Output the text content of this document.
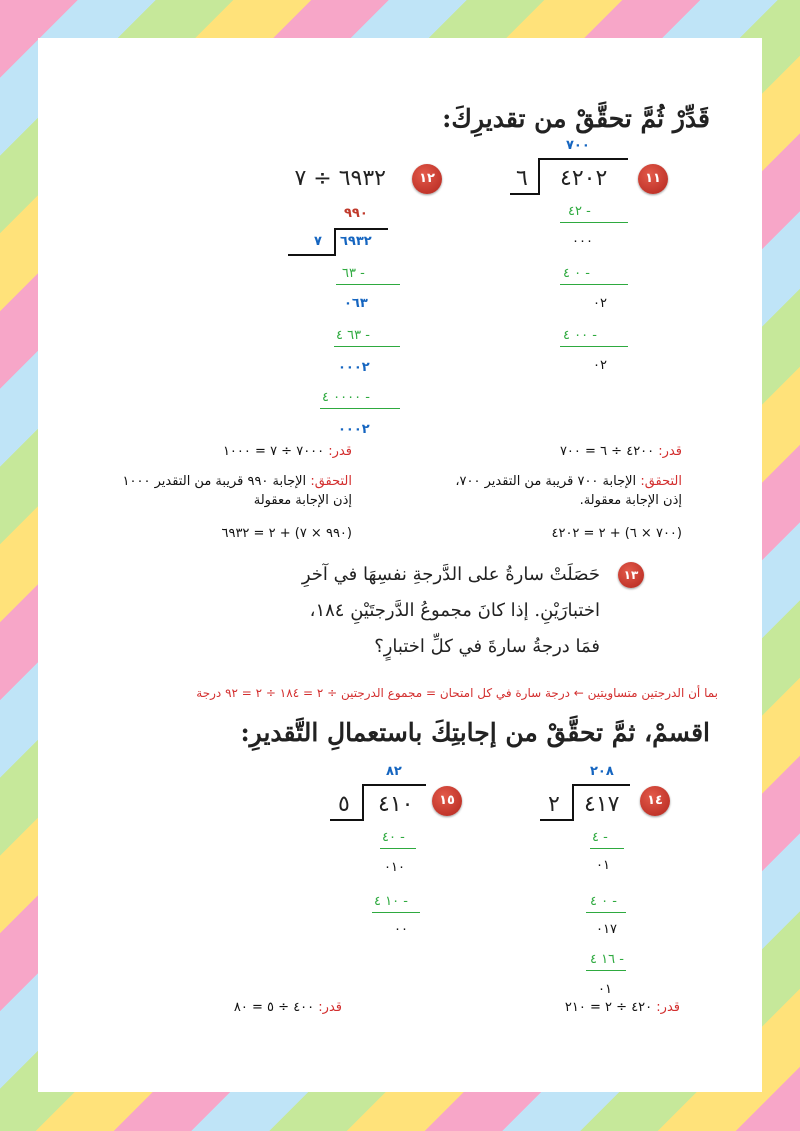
قَدِّرْ ثُمَّ تحقَّقْ من تقديرِكَ:
١١
٧٠٠
٤٢٠٢
٦
- ٤٢
٠٠٠
- ٠ ٤
٠٢
- ٠٠ ٤
٠٢
قدر: ٤٢٠٠ ÷ ٦ = ٧٠٠
التحقق: الإجابة ٧٠٠ قريبة من التقدير ٧٠٠،
إذن الإجابة معقولة.
(٧٠٠ × ٦) + ٢ = ٤٢٠٢
١٢
٦٩٣٢ ÷ ٧
٩٩٠
٦٩٣٢
٧
- ٦٣
٠٦٣
- ٦٣ ٤
٠٠٠٢
- ٠٠٠٠ ٤
٠٠٠٢
قدر: ٧٠٠٠ ÷ ٧ = ١٠٠٠
التحقق: الإجابة ٩٩٠ قريبة من التقدير ١٠٠٠
إذن الإجابة معقولة
(٩٩٠ × ٧) + ٢ = ٦٩٣٢
١٣
حَصَلَتْ سارةُ على الدَّرجةِ نفسِهَا في آخرِ
اختبارَيْنِ. إذا كانَ مجموعُ الدَّرجتَيْنِ ١٨٤،
فمَا درجةُ سارةَ في كلِّ اختبارٍ؟
بما أن الدرجتين متساويتين ← درجة سارة في كل امتحان = مجموع الدرجتين ÷ ٢ = ١٨٤ ÷ ٢ = ٩٢ درجة
اقسمْ، ثمَّ تحقَّقْ من إجابتِكَ باستعمالِ التَّقديرِ:
١٤
٢٠٨
٤١٧
٢
- ٤
٠١
- ٠ ٤
٠١٧
- ١٦ ٤
٠١
قدر: ٤٢٠ ÷ ٢ = ٢١٠
١٥
٨٢
٤١٠
٥
- ٤٠
٠١٠
- ١٠ ٤
٠٠
قدر: ٤٠٠ ÷ ٥ = ٨٠
